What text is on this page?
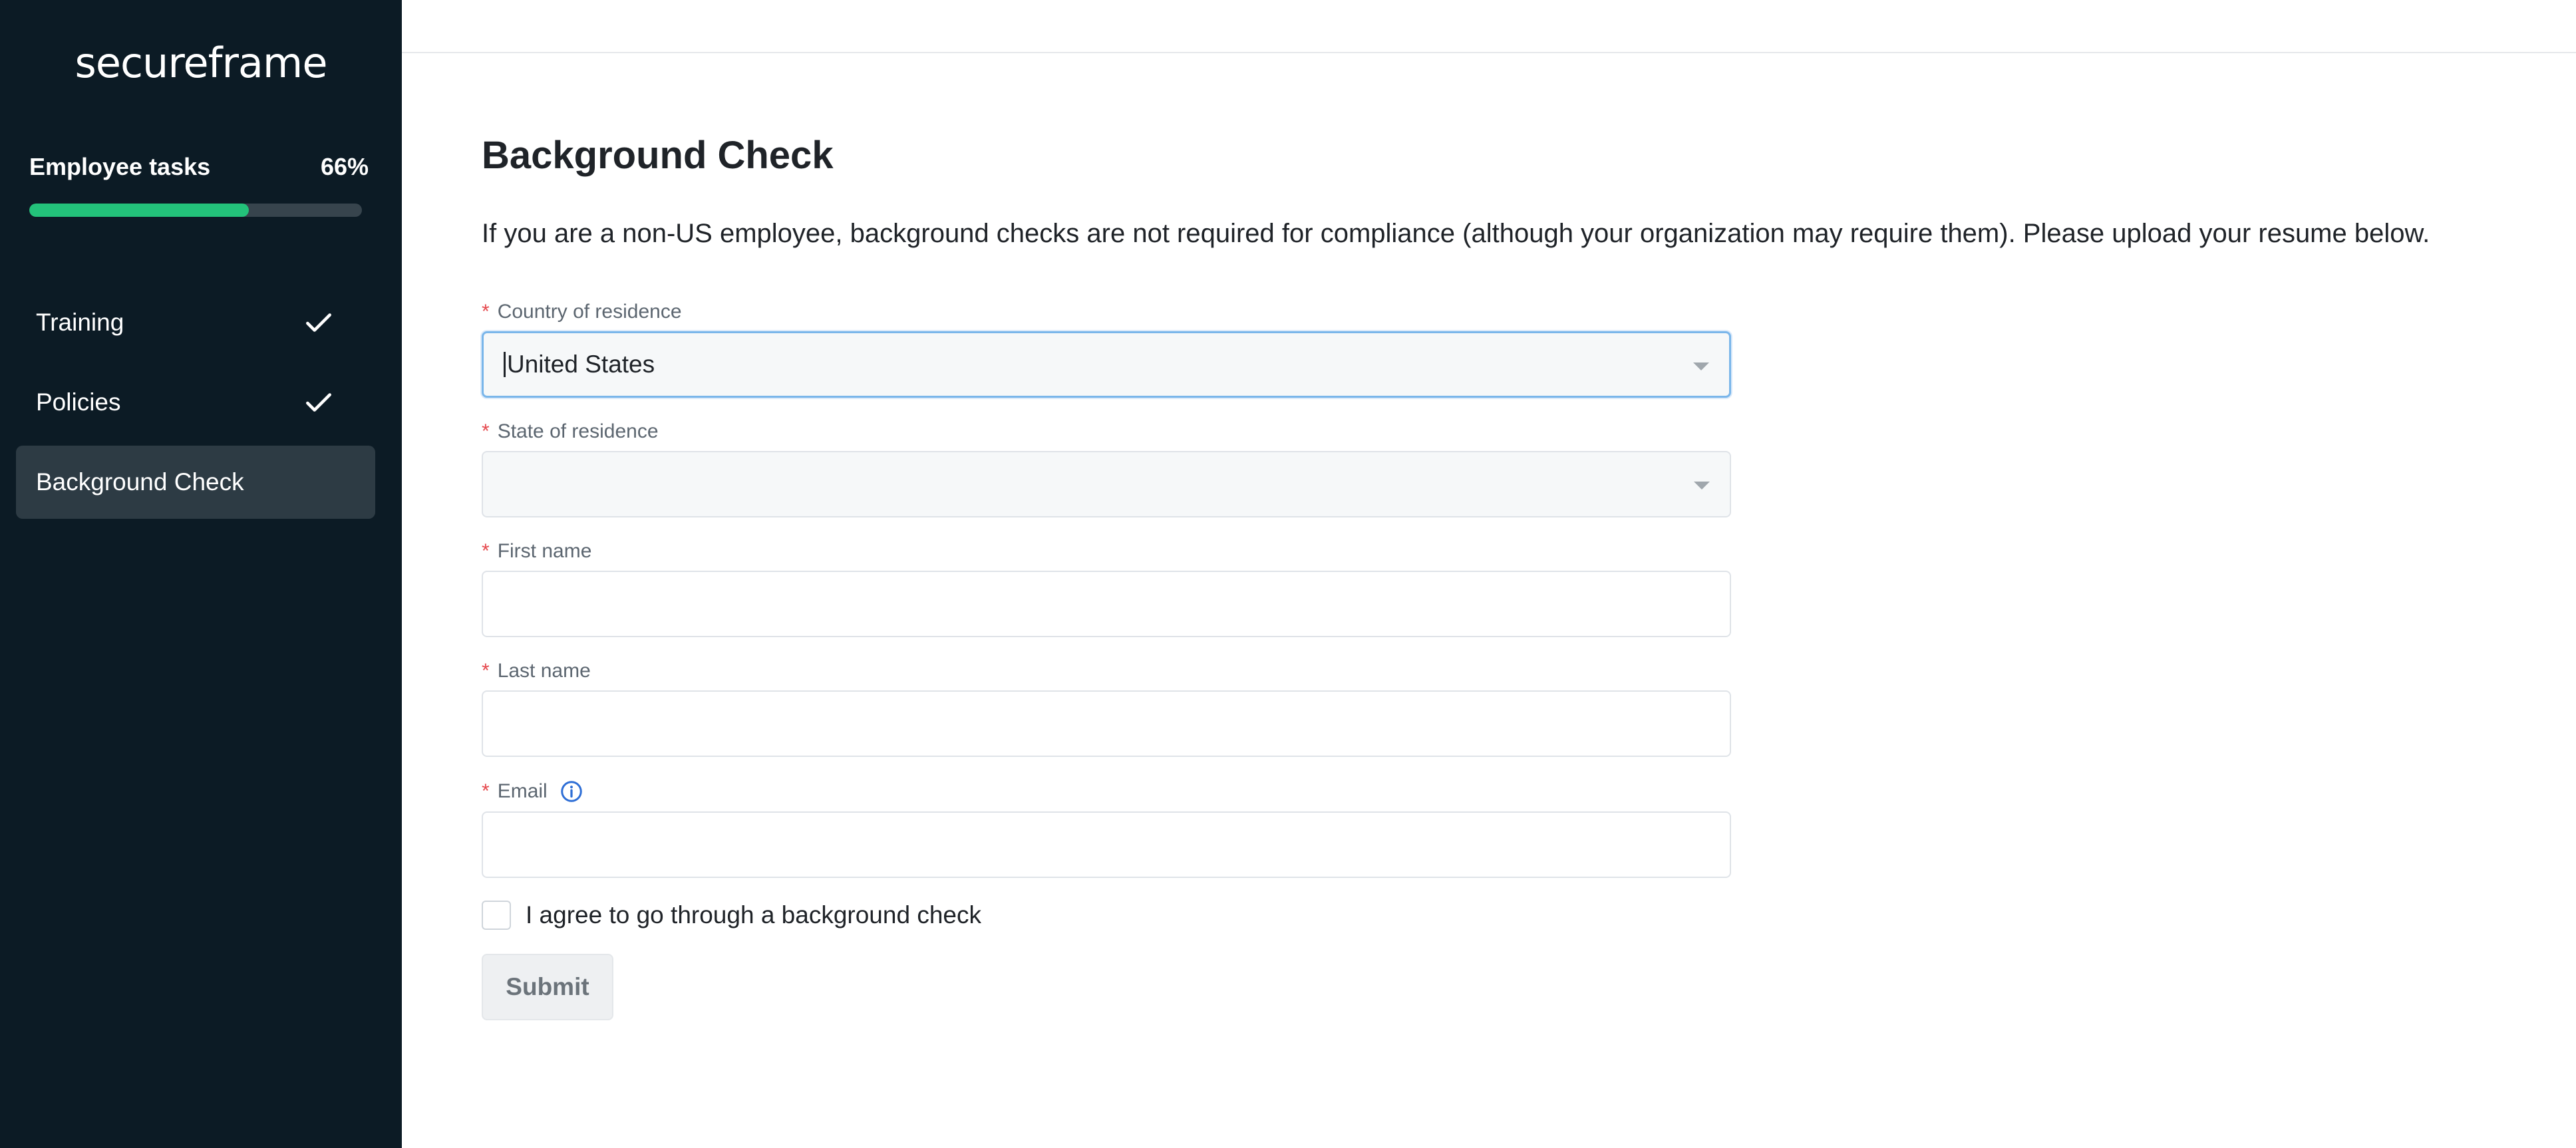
secureframe
Employee tasks	66%
Training
Policies
Background Check
Background Check

If you are a non-US employee, background checks are not required for compliance (although your organization may require them). Please upload your resume below.

* Country of residence
United States
* State of residence
* First name
* Last name
* Email
I agree to go through a background check
Submit
